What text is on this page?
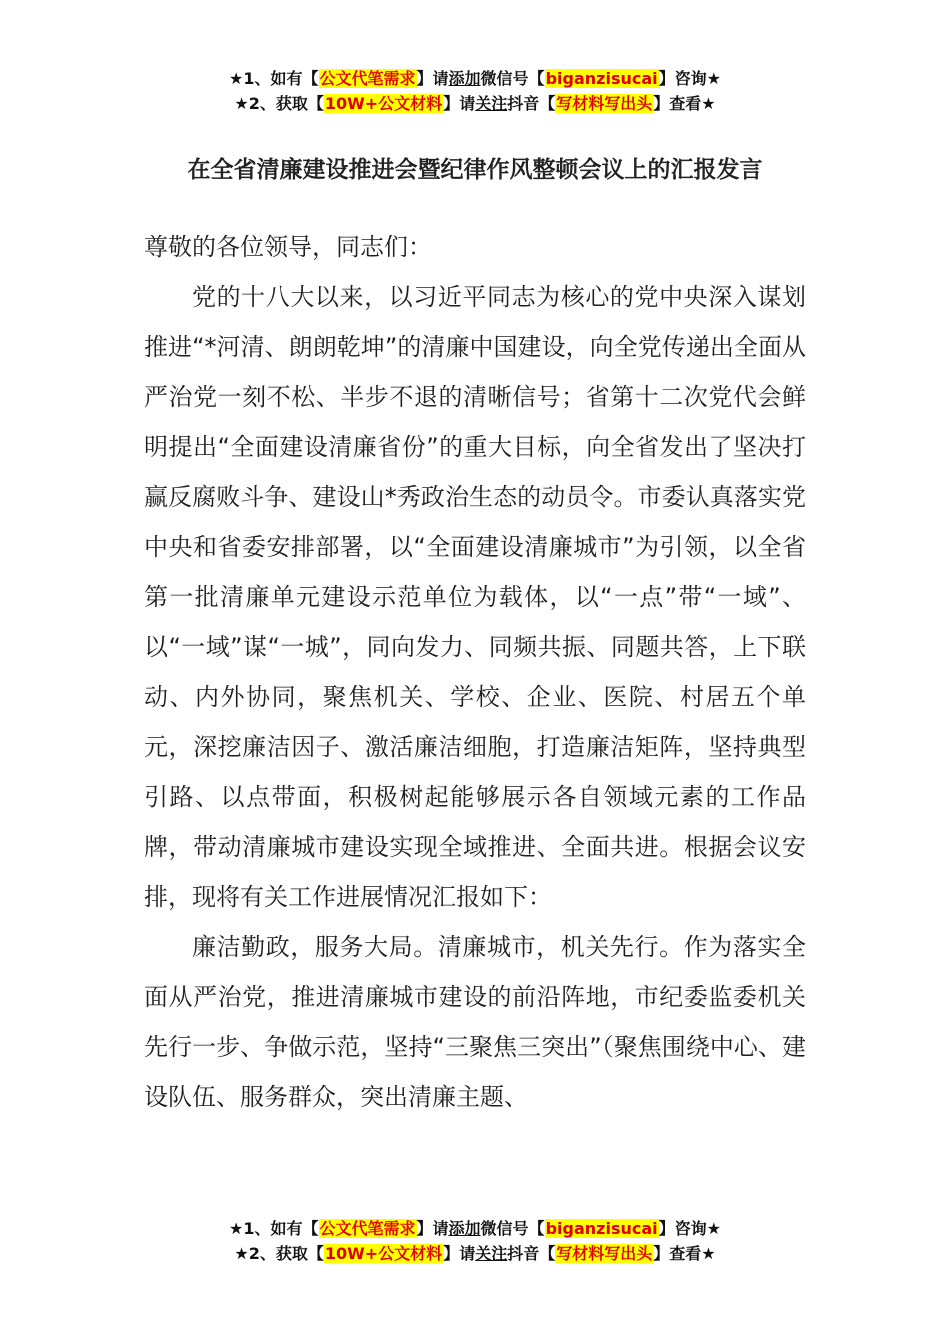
★1、如有【公文代笔需求】请添加微信号【biganzisucai】咨询★
★2、获取【10W+公文材料】请关注抖音【写材料写出头】查看★
在全省清廉建设推进会暨纪律作风整顿会议上的汇报发言

尊敬的各位领导，同志们：

党的十八大以来，以习近平同志为核心的党中央深入谋划推进“*河清、朗朗乾坤”的清廉中国建设，向全党传递出全面从严治党一刻不松、半步不退的清晰信号；省第十二次党代会鲜明提出“全面建设清廉省份”的重大目标，向全省发出了坚决打赢反腐败斗争、建设山*秀政治生态的动员令。市委认真落实党中央和省委安排部署，以“全面建设清廉城市”为引领，以全省第一批清廉单元建设示范单位为载体，以“一点”带“一域”、以“一域”谋“一城”，同向发力、同频共振、同题共答，上下联动、内外协同，聚焦机关、学校、企业、医院、村居五个单元，深挖廉洁因子、激活廉洁细胞，打造廉洁矩阵，坚持典型引路、以点带面，积极树起能够展示各自领域元素的工作品牌，带动清廉城市建设实现全域推进、全面共进。根据会议安排，现将有关工作进展情况汇报如下：

廉洁勤政，服务大局。清廉城市，机关先行。作为落实全面从严治党，推进清廉城市建设的前沿阵地，市纪委监委机关先行一步、争做示范，坚持“三聚焦三突出”（聚焦围绕中心、建设队伍、服务群众，突出清廉主题、

★1、如有【公文代笔需求】请添加微信号【biganzisucai】咨询★
★2、获取【10W+公文材料】请关注抖音【写材料写出头】查看★
